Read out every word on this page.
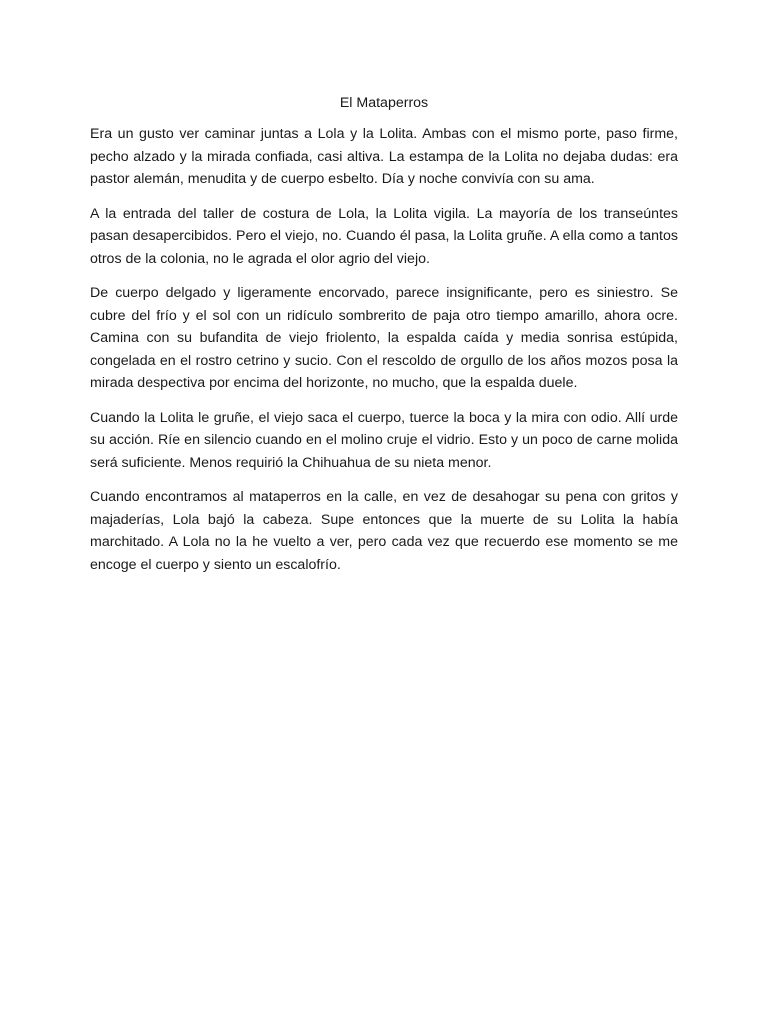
El Mataperros

Era un gusto ver caminar juntas a Lola y la Lolita. Ambas con el mismo porte, paso firme, pecho alzado y la mirada confiada, casi altiva. La estampa de la Lolita no dejaba dudas: era pastor alemán, menudita y de cuerpo esbelto. Día y noche convivía con su ama.

A la entrada del taller de costura de Lola, la Lolita vigila. La mayoría de los transeúntes pasan desapercibidos. Pero el viejo, no. Cuando él pasa, la Lolita gruñe. A ella como a tantos otros de la colonia, no le agrada el olor agrio del viejo.

De cuerpo delgado y ligeramente encorvado, parece insignificante, pero es siniestro. Se cubre del frío y el sol con un ridículo sombrerito de paja otro tiempo amarillo, ahora ocre. Camina con su bufandita de viejo friolento, la espalda caída y media sonrisa estúpida, congelada en el rostro cetrino y sucio. Con el rescoldo de orgullo de los años mozos posa la mirada despectiva por encima del horizonte, no mucho, que la espalda duele.

Cuando la Lolita le gruñe, el viejo saca el cuerpo, tuerce la boca y la mira con odio. Allí urde su acción. Ríe en silencio cuando en el molino cruje el vidrio. Esto y un poco de carne molida será suficiente. Menos requirió la Chihuahua de su nieta menor.

Cuando encontramos al mataperros en la calle, en vez de desahogar su pena con gritos y majaderías, Lola bajó la cabeza. Supe entonces que la muerte de su Lolita la había marchitado. A Lola no la he vuelto a ver, pero cada vez que recuerdo ese momento se me encoge el cuerpo y siento un escalofrío.
